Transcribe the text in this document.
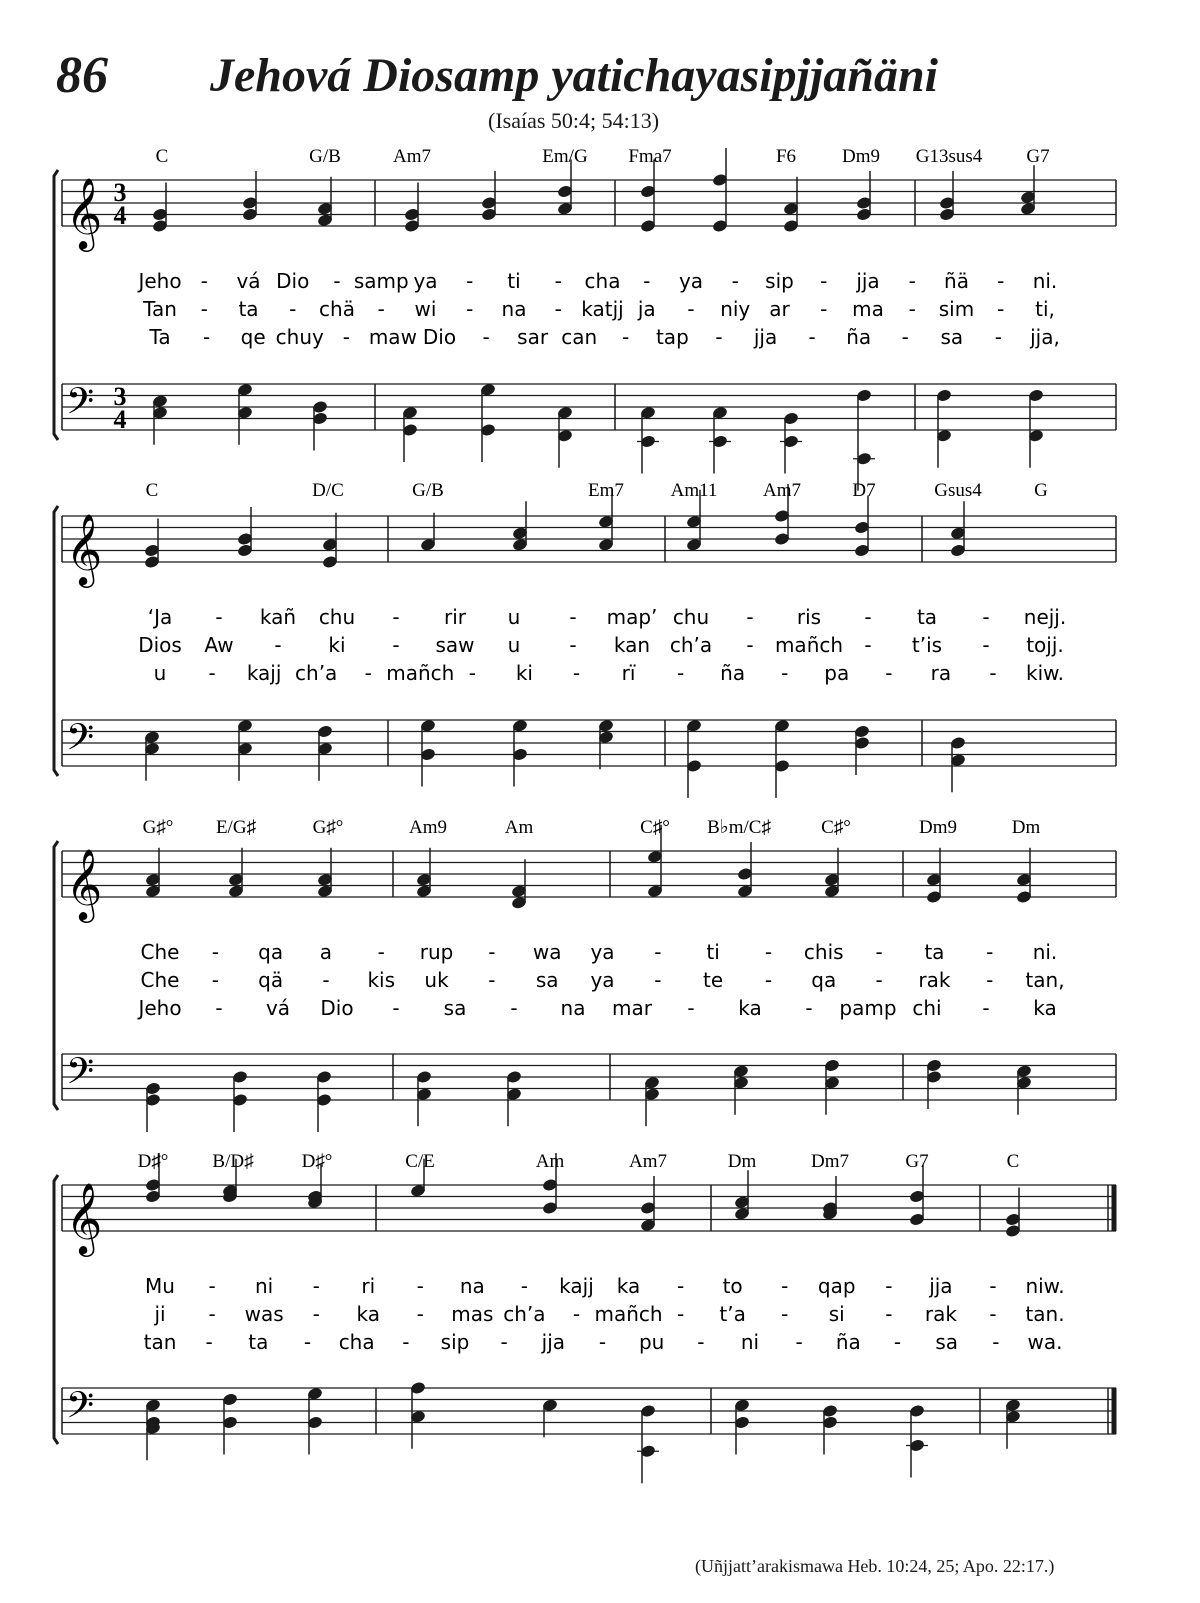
86 Jehová Diosamp yatichayasipjjañäni
(Isaías 50:4; 54:13)
𝄞 3
4
𝄢 3
4
C	G/B	Am7	Em/G Fma7	F6 Dm9 G13sus4 G7
Jeho - vá Dio - samp ya - ti - cha - ya - sip - jja - ñä - ni.
Tan - ta - chä - wi - na - katjj ja - niy ar - ma - sim - ti,
Ta - qe chuy - maw Dio - sar can - tap - jja - ña - sa - jja,
𝄞
𝄢
C	D/C	G/B	Em7 Am11 Am7	D7	Gsus4	G
‘Ja - kañ chu - rir u - map’ chu - ris - ta - nejj.
Dios Aw - ki - saw u - kan ch’a - mañch - t’is - tojj.
u - kajj ch’a - mañch - ki - rï - ña - pa - ra - kiw.
𝄞
𝄢
G♯° E/G♯	G♯°	Am9	Am	C♯° B♭m/C♯	C♯°	Dm9	Dm
Che - qa a - rup - wa ya - ti - chis - ta - ni.
Che - qä - kis uk - sa ya - te - qa - rak - tan,
Jeho - vá Dio - sa - na mar - ka - pamp chi - ka
𝄞
𝄢
D♯° B/D♯	D♯°	C/E	Am	Am7	Dm	Dm7	G7	C
Mu - ni - ri - na - kajj ka - to - qap - jja - niw.
ji - was - ka - mas ch’a - mañch - t’a - si - rak - tan.
tan - ta - cha - sip - jja - pu - ni - ña - sa - wa.
(Uñjjatt’arakismawa Heb. 10:24, 25; Apo. 22:17.)
